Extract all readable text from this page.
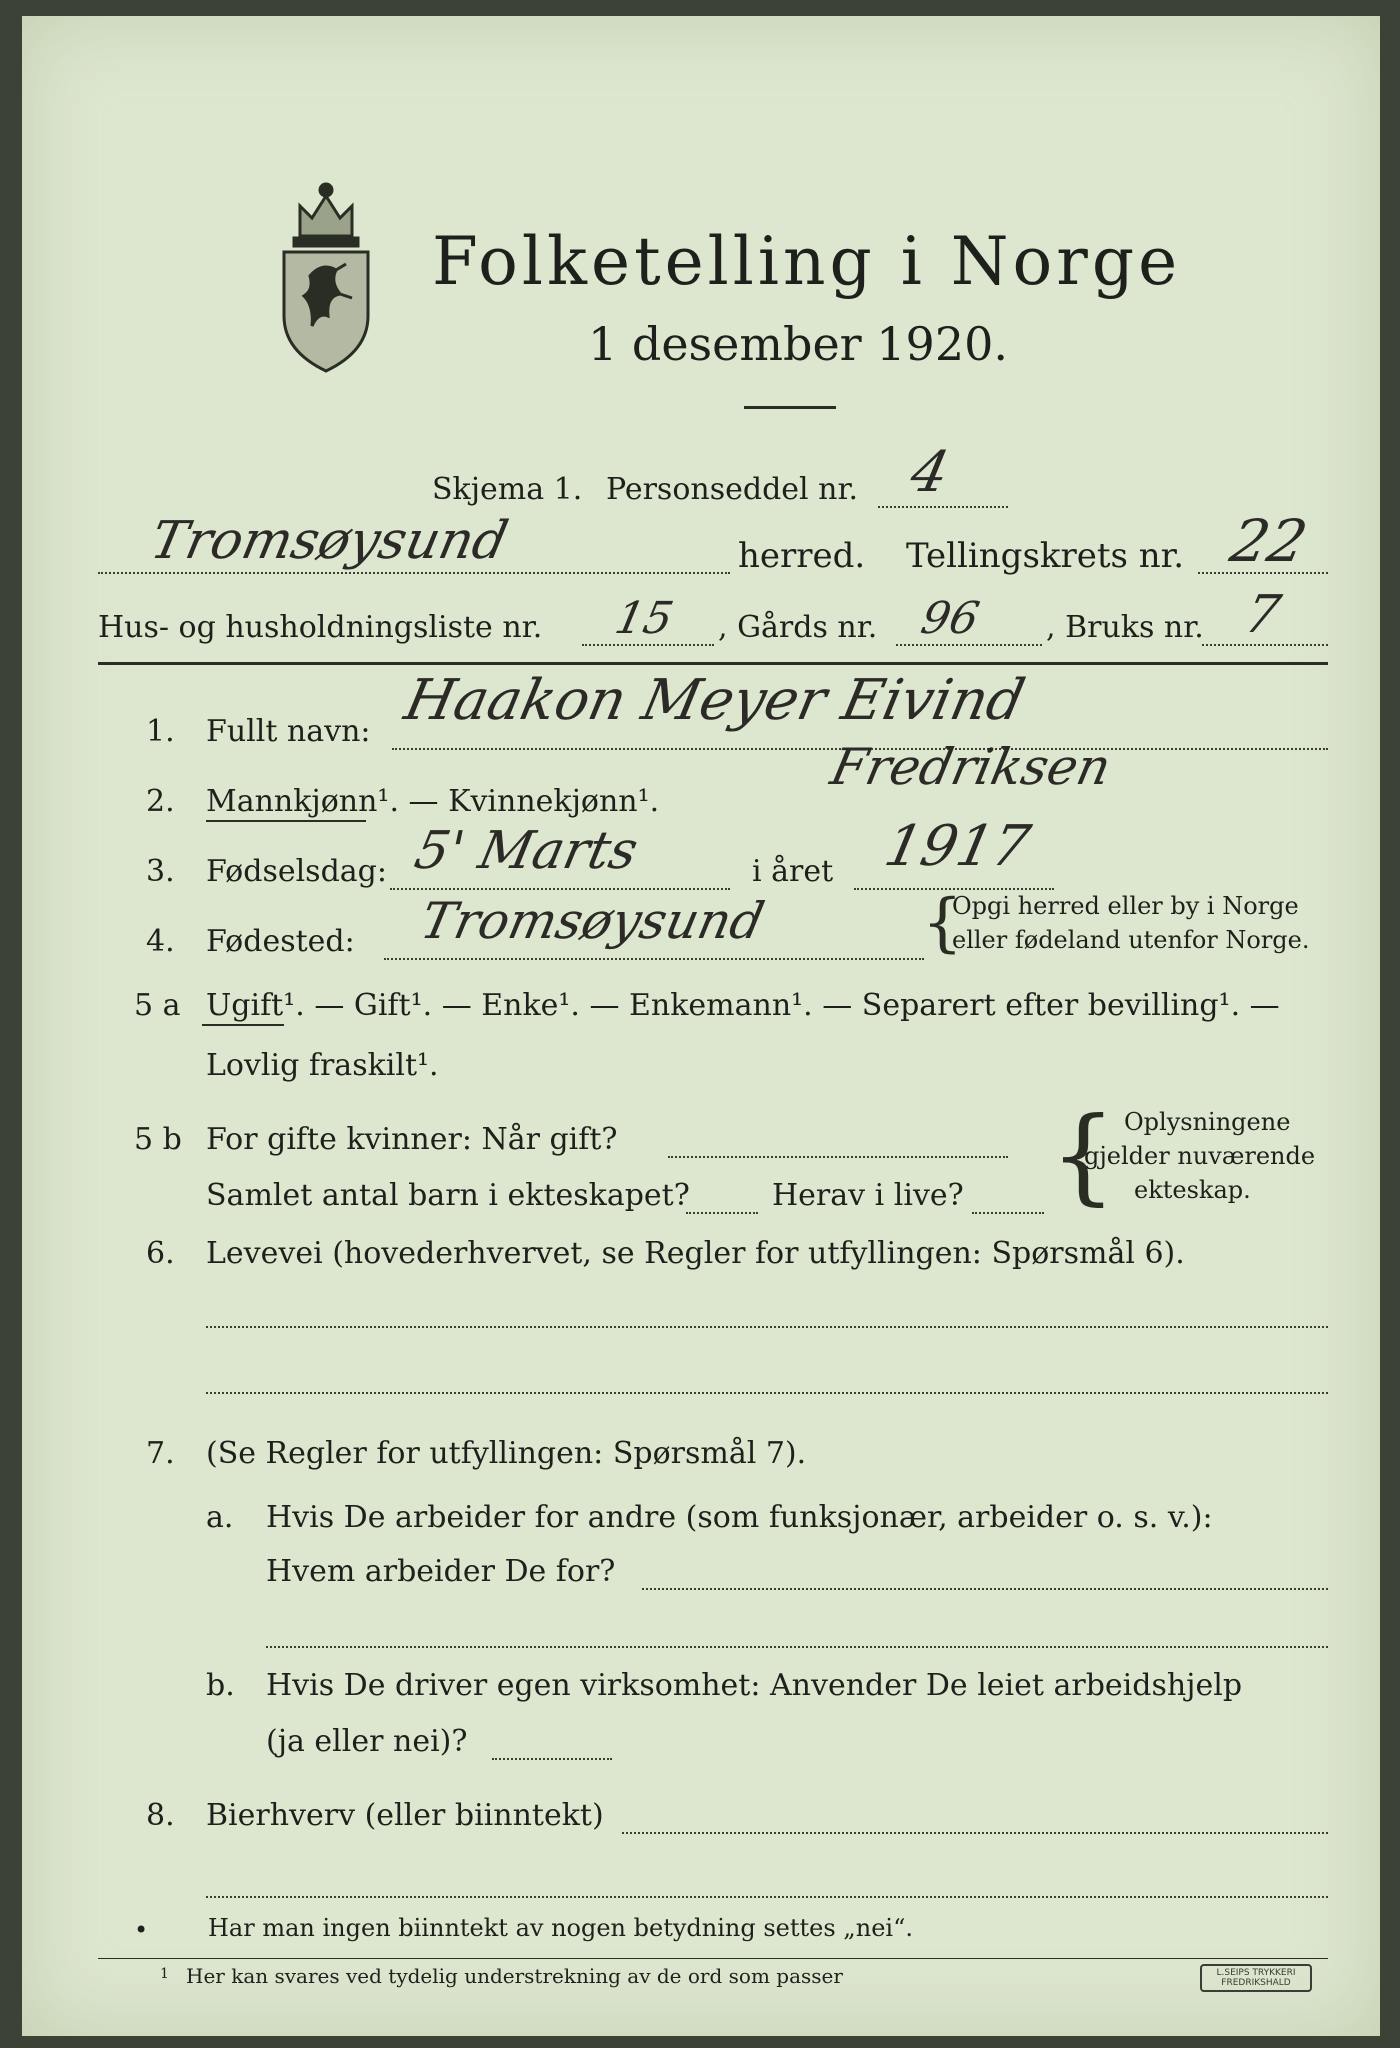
Folketelling i Norge
1 desember 1920.
Skjema 1. Personseddel nr. 4
Tromsøysund	herred. Tellingskrets nr. 22
Hus- og husholdningsliste nr. 15 , Gårds nr. 96 , Bruks nr. 7
1. Fullt navn: Haakon Meyer Eivind
Fredriksen
2. Mannkjønn¹. — Kvinnekjønn¹.
3. Fødselsdag: 5' Marts	i året 1917
4. Fødested: Tromsøysund {
Opgi herred eller by i Norge
eller fødeland utenfor Norge.
5 a Ugift¹. — Gift¹. — Enke¹. — Enkemann¹. — Separert efter bevilling¹. —
Lovlig fraskilt¹.
5 b For gifte kvinner: Når gift?
Samlet antal barn i ekteskapet?	Herav i live? { Oplysningene
gjelder nuværende
ekteskap.
6. Levevei (hovederhvervet, se Regler for utfyllingen: Spørsmål 6).
7. (Se Regler for utfyllingen: Spørsmål 7).
a. Hvis De arbeider for andre (som funksjonær, arbeider o. s. v.):
Hvem arbeider De for?
b. Hvis De driver egen virksomhet: Anvender De leiet arbeidshjelp
(ja eller nei)?
8. Bierhverv (eller biinntekt)
• Har man ingen biinntekt av nogen betydning settes „nei“.
1 Her kan svares ved tydelig understrekning av de ord som passer	L.SEIPS TRYKKERI
FREDRIKSHALD
